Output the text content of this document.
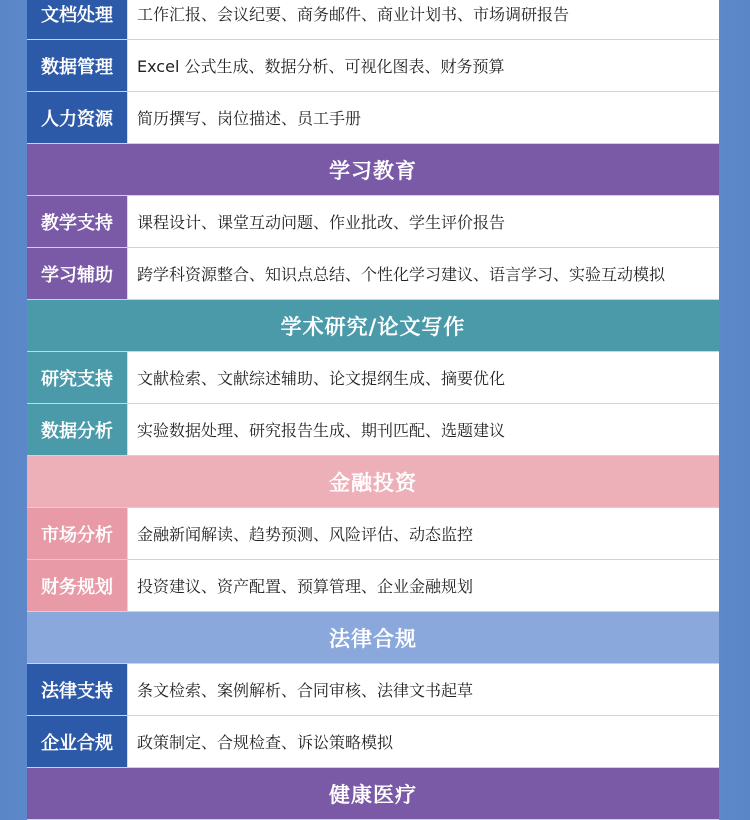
文档处理	工作汇报、会议纪要、商务邮件、商业计划书、市场调研报告
数据管理	Excel 公式生成、数据分析、可视化图表、财务预算
人力资源	简历撰写、岗位描述、员工手册
学习教育
教学支持	课程设计、课堂互动问题、作业批改、学生评价报告
学习辅助	跨学科资源整合、知识点总结、个性化学习建议、语言学习、实验互动模拟
学术研究/论文写作
研究支持	文献检索、文献综述辅助、论文提纲生成、摘要优化
数据分析	实验数据处理、研究报告生成、期刊匹配、选题建议
金融投资
市场分析	金融新闻解读、趋势预测、风险评估、动态监控
财务规划	投资建议、资产配置、预算管理、企业金融规划
法律合规
法律支持	条文检索、案例解析、合同审核、法律文书起草
企业合规	政策制定、合规检查、诉讼策略模拟
健康医疗
